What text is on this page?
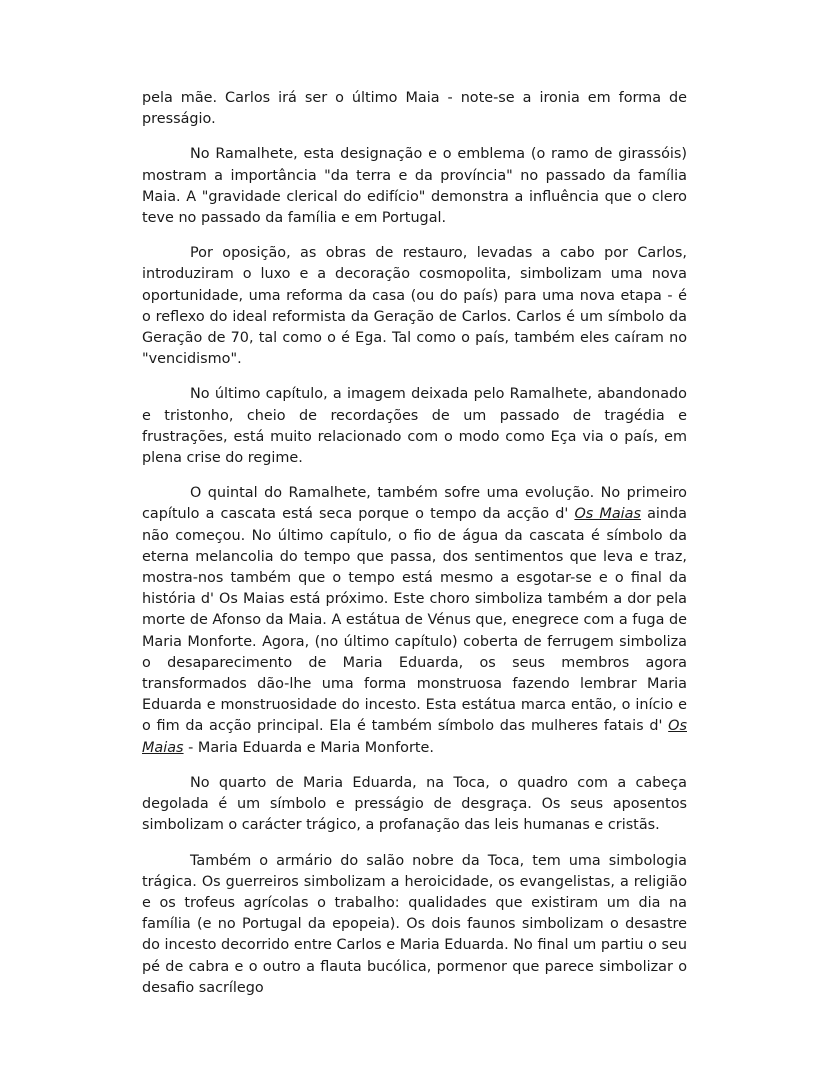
pela mãe. Carlos irá ser o último Maia - note-se a ironia em forma de presságio.

No Ramalhete, esta designação e o emblema (o ramo de girassóis) mostram a importância "da terra e da província" no passado da família Maia. A "gravidade clerical do edifício" demonstra a influência que o clero teve no passado da família e em Portugal.

Por oposição, as obras de restauro, levadas a cabo por Carlos, introduziram o luxo e a decoração cosmopolita, simbolizam uma nova oportunidade, uma reforma da casa (ou do país) para uma nova etapa - é o reflexo do ideal reformista da Geração de Carlos. Carlos é um símbolo da Geração de 70, tal como o é Ega. Tal como o país, também eles caíram no "vencidismo".

No último capítulo, a imagem deixada pelo Ramalhete, abandonado e tristonho, cheio de recordações de um passado de tragédia e frustrações, está muito relacionado com o modo como Eça via o país, em plena crise do regime.

O quintal do Ramalhete, também sofre uma evolução. No primeiro capítulo a cascata está seca porque o tempo da acção d' Os Maias ainda não começou. No último capítulo, o fio de água da cascata é símbolo da eterna melancolia do tempo que passa, dos sentimentos que leva e traz, mostra-nos também que o tempo está mesmo a esgotar-se e o final da história d' Os Maias está próximo. Este choro simboliza também a dor pela morte de Afonso da Maia. A estátua de Vénus que, enegrece com a fuga de Maria Monforte. Agora, (no último capítulo) coberta de ferrugem simboliza o desaparecimento de Maria Eduarda, os seus membros agora transformados dão-lhe uma forma monstruosa fazendo lembrar Maria Eduarda e monstruosidade do incesto. Esta estátua marca então, o início e o fim da acção principal. Ela é também símbolo das mulheres fatais d' Os Maias - Maria Eduarda e Maria Monforte.

No quarto de Maria Eduarda, na Toca, o quadro com a cabeça degolada é um símbolo e presságio de desgraça. Os seus aposentos simbolizam o carácter trágico, a profanação das leis humanas e cristãs.

Também o armário do salão nobre da Toca, tem uma simbologia trágica. Os guerreiros simbolizam a heroicidade, os evangelistas, a religião e os trofeus agrícolas o trabalho: qualidades que existiram um dia na família (e no Portugal da epopeia). Os dois faunos simbolizam o desastre do incesto decorrido entre Carlos e Maria Eduarda. No final um partiu o seu pé de cabra e o outro a flauta bucólica, pormenor que parece simbolizar o desafio sacrílego
